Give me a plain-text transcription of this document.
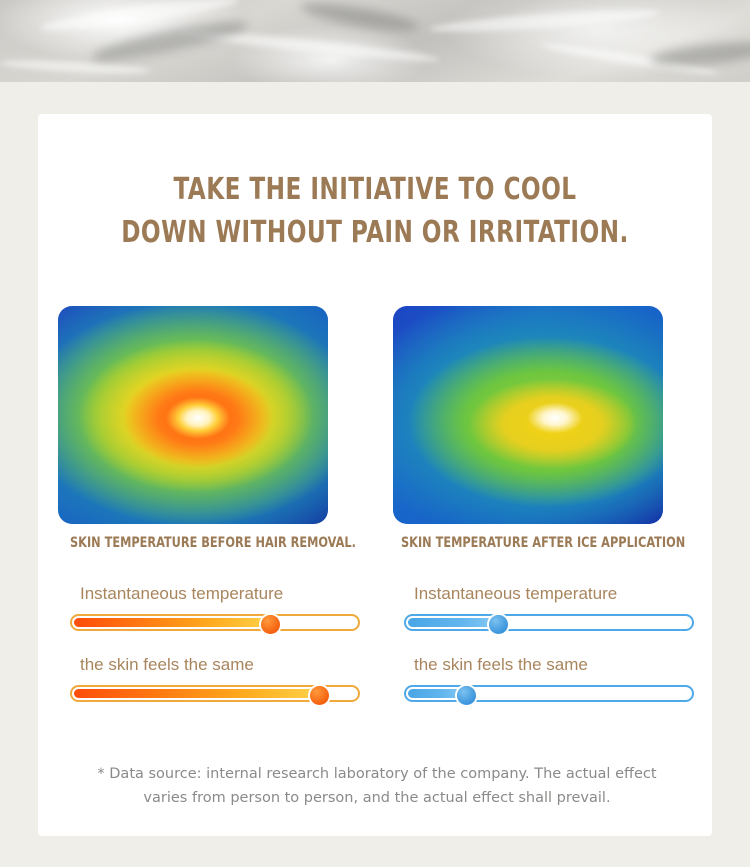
TAKE THE INITIATIVE TO COOL
DOWN WITHOUT PAIN OR IRRITATION.
SKIN TEMPERATURE BEFORE HAIR REMOVAL.	SKIN TEMPERATURE AFTER ICE APPLICATION
Instantaneous temperature
the skin feels the same
Instantaneous temperature
the skin feels the same
* Data source: internal research laboratory of the company. The actual effect varies from person to person, and the actual effect shall prevail.
